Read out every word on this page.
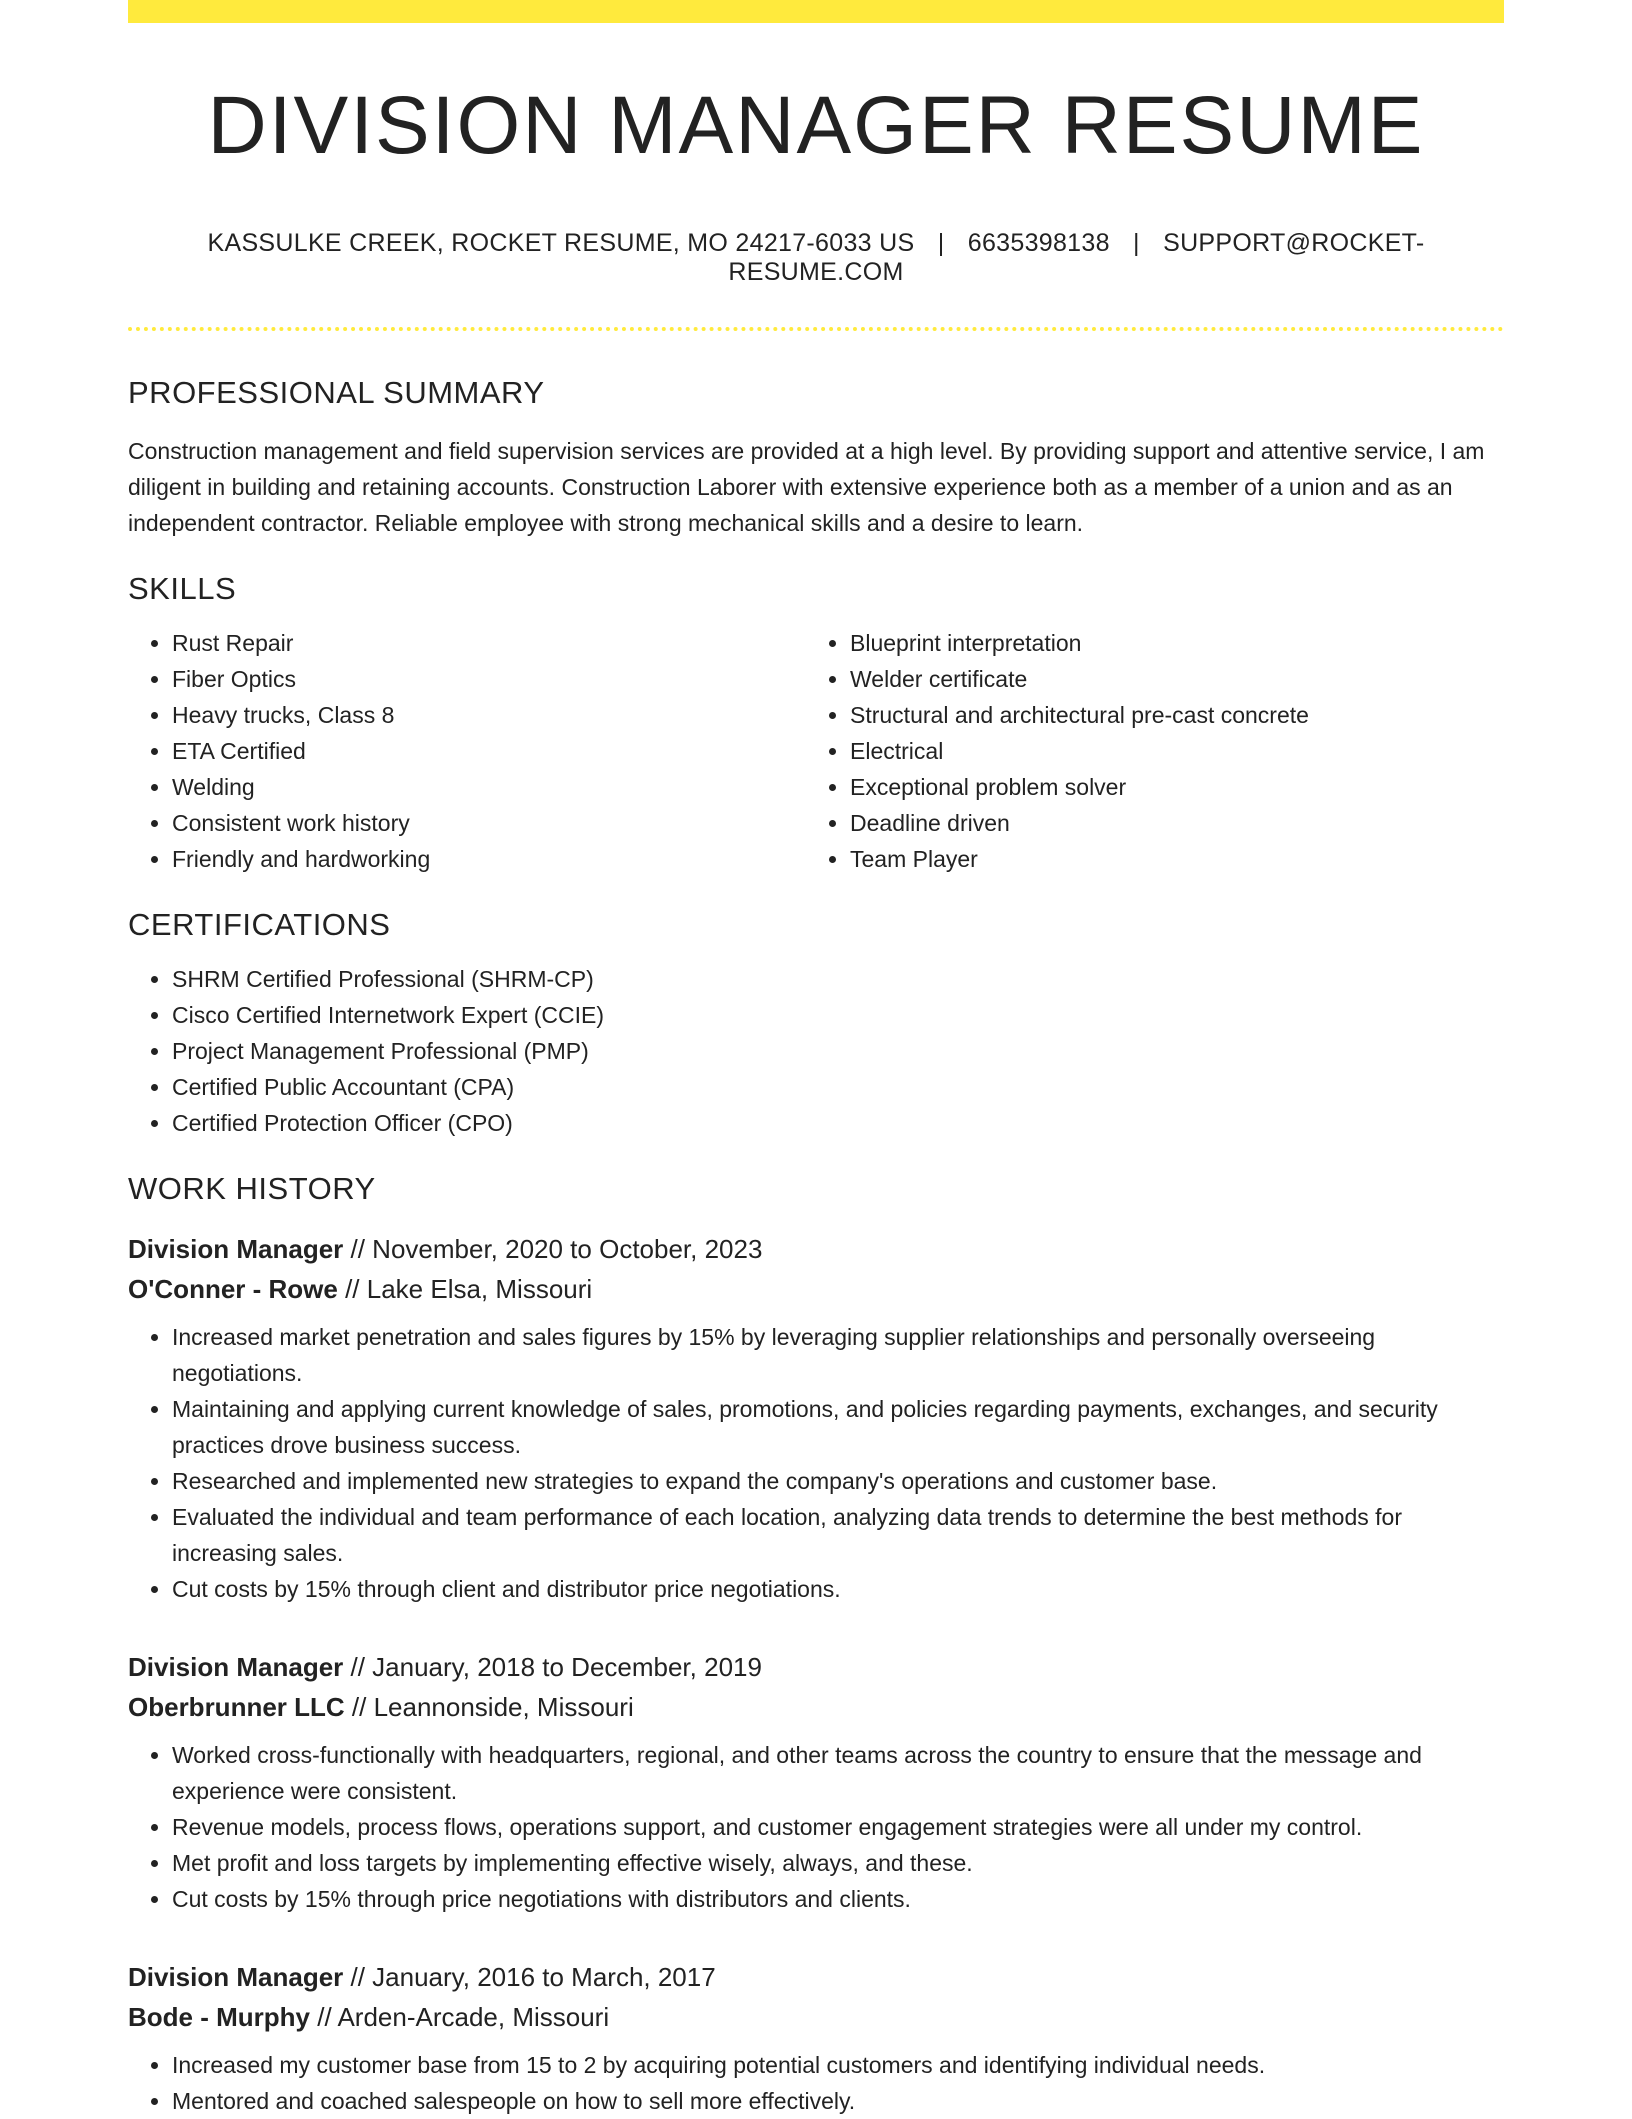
DIVISION MANAGER RESUME
KASSULKE CREEK, ROCKET RESUME, MO 24217-6033 US | 6635398138 | SUPPORT@ROCKET-RESUME.COM
PROFESSIONAL SUMMARY
Construction management and field supervision services are provided at a high level. By providing support and attentive service, I am diligent in building and retaining accounts. Construction Laborer with extensive experience both as a member of a union and as an independent contractor. Reliable employee with strong mechanical skills and a desire to learn.
SKILLS
• Rust Repair
• Fiber Optics
• Heavy trucks, Class 8
• ETA Certified
• Welding
• Consistent work history
• Friendly and hardworking
• Blueprint interpretation
• Welder certificate
• Structural and architectural pre-cast concrete
• Electrical
• Exceptional problem solver
• Deadline driven
• Team Player
CERTIFICATIONS
• SHRM Certified Professional (SHRM-CP)
• Cisco Certified Internetwork Expert (CCIE)
• Project Management Professional (PMP)
• Certified Public Accountant (CPA)
• Certified Protection Officer (CPO)
WORK HISTORY
Division Manager // November, 2020 to October, 2023
O'Conner - Rowe // Lake Elsa, Missouri
• Increased market penetration and sales figures by 15% by leveraging supplier relationships and personally overseeing negotiations.
• Maintaining and applying current knowledge of sales, promotions, and policies regarding payments, exchanges, and security practices drove business success.
• Researched and implemented new strategies to expand the company's operations and customer base.
• Evaluated the individual and team performance of each location, analyzing data trends to determine the best methods for increasing sales.
• Cut costs by 15% through client and distributor price negotiations.
Division Manager // January, 2018 to December, 2019
Oberbrunner LLC // Leannonside, Missouri
• Worked cross-functionally with headquarters, regional, and other teams across the country to ensure that the message and experience were consistent.
• Revenue models, process flows, operations support, and customer engagement strategies were all under my control.
• Met profit and loss targets by implementing effective wisely, always, and these.
• Cut costs by 15% through price negotiations with distributors and clients.
Division Manager // January, 2016 to March, 2017
Bode - Murphy // Arden-Arcade, Missouri
• Increased my customer base from 15 to 2 by acquiring potential customers and identifying individual needs.
• Mentored and coached salespeople on how to sell more effectively.
